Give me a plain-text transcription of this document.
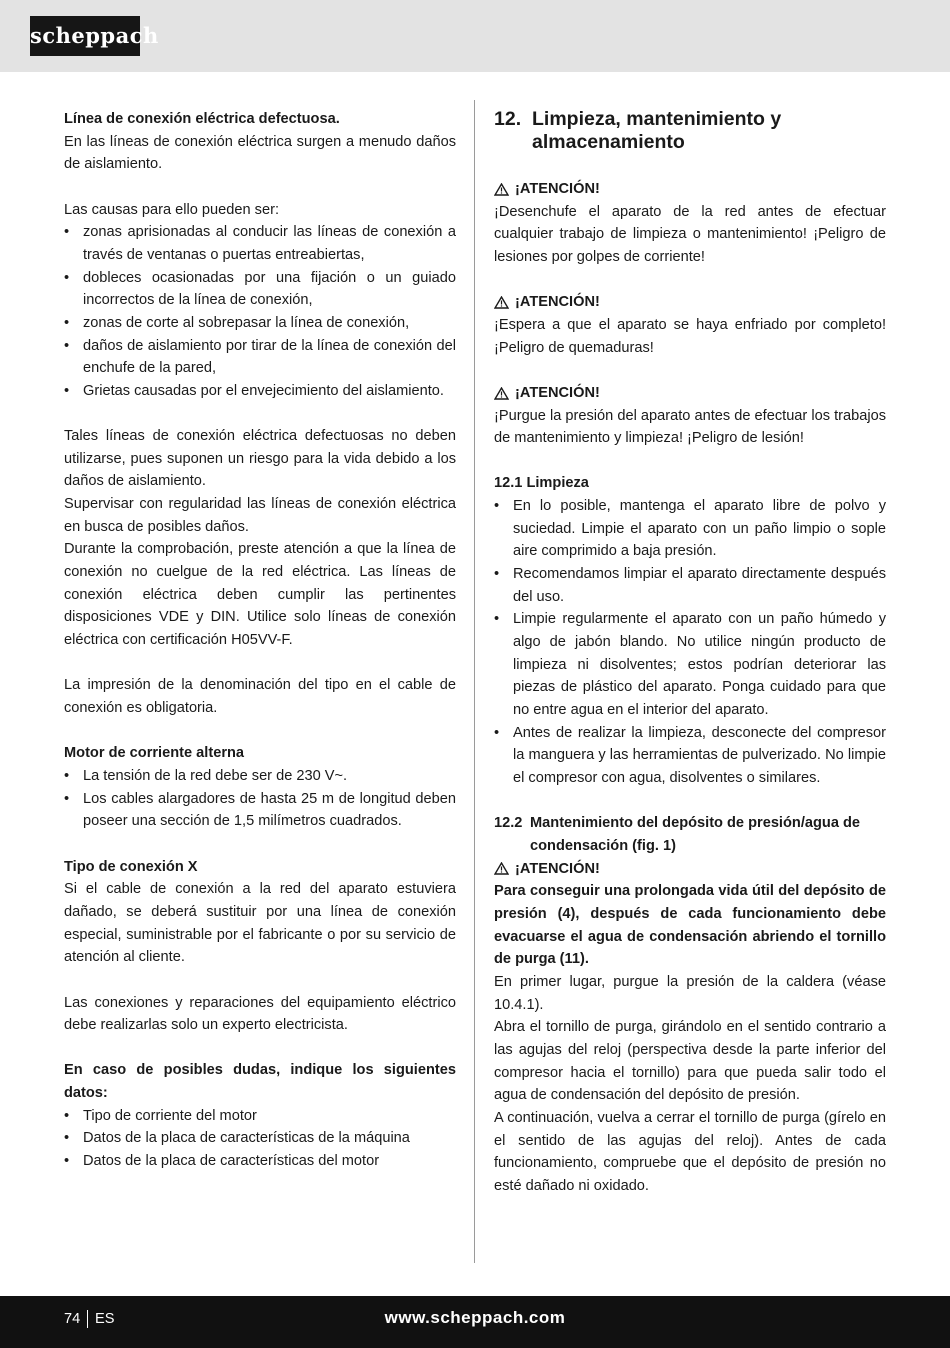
scheppach

Línea de conexión eléctrica defectuosa.

En las líneas de conexión eléctrica surgen a menudo daños de aislamiento.

Las causas para ello pueden ser:

• zonas aprisionadas al conducir las líneas de conexión a través de ventanas o puertas entreabiertas,
• dobleces ocasionadas por una fijación o un guiado incorrectos de la línea de conexión,
• zonas de corte al sobrepasar la línea de conexión,
• daños de aislamiento por tirar de la línea de conexión del enchufe de la pared,
• Grietas causadas por el envejecimiento del aislamiento.

Tales líneas de conexión eléctrica defectuosas no deben utilizarse, pues suponen un riesgo para la vida debido a los daños de aislamiento.

Supervisar con regularidad las líneas de conexión eléctrica en busca de posibles daños.

Durante la comprobación, preste atención a que la línea de conexión no cuelgue de la red eléctrica. Las líneas de conexión eléctrica deben cumplir las pertinentes disposiciones VDE y DIN. Utilice solo líneas de conexión eléctrica con certificación H05VV-F.

La impresión de la denominación del tipo en el cable de conexión es obligatoria.

Motor de corriente alterna

• La tensión de la red debe ser de 230 V~.
• Los cables alargadores de hasta 25 m de longitud deben poseer una sección de 1,5 milímetros cuadrados.

Tipo de conexión X

Si el cable de conexión a la red del aparato estuviera dañado, se deberá sustituir por una línea de conexión especial, suministrable por el fabricante o por su servicio de atención al cliente.

Las conexiones y reparaciones del equipamiento eléctrico debe realizarlas solo un experto electricista.

En caso de posibles dudas, indique los siguientes datos:

• Tipo de corriente del motor
• Datos de la placa de características de la máquina
• Datos de la placa de características del motor
12. Limpieza, mantenimiento y almacenamiento
¡ATENCIÓN!

¡Desenchufe el aparato de la red antes de efectuar cualquier trabajo de limpieza o mantenimiento! ¡Peligro de lesiones por golpes de corriente!

¡ATENCIÓN!

¡Espera a que el aparato se haya enfriado por completo! ¡Peligro de quemaduras!

¡ATENCIÓN!

¡Purgue la presión del aparato antes de efectuar los trabajos de mantenimiento y limpieza! ¡Peligro de lesión!

12.1 Limpieza

• En lo posible, mantenga el aparato libre de polvo y suciedad. Limpie el aparato con un paño limpio o sople aire comprimido a baja presión.
• Recomendamos limpiar el aparato directamente después del uso.
• Limpie regularmente el aparato con un paño húmedo y algo de jabón blando. No utilice ningún producto de limpieza ni disolventes; estos podrían deteriorar las piezas de plástico del aparato. Ponga cuidado para que no entre agua en el interior del aparato.
• Antes de realizar la limpieza, desconecte del compresor la manguera y las herramientas de pulverizado. No limpie el compresor con agua, disolventes o similares.
12.2 Mantenimiento del depósito de presión/agua de condensación (fig. 1)
¡ATENCIÓN!

Para conseguir una prolongada vida útil del depósito de presión (4), después de cada funcionamiento debe evacuarse el agua de condensación abriendo el tornillo de purga (11).

En primer lugar, purgue la presión de la caldera (véase 10.4.1).

Abra el tornillo de purga, girándolo en el sentido contrario a las agujas del reloj (perspectiva desde la parte inferior del compresor hacia el tornillo) para que pueda salir todo el agua de condensación del depósito de presión.

A continuación, vuelva a cerrar el tornillo de purga (gírelo en el sentido de las agujas del reloj). Antes de cada funcionamiento, compruebe que el depósito de presión no esté dañado ni oxidado.

74 ES	www.scheppach.com
